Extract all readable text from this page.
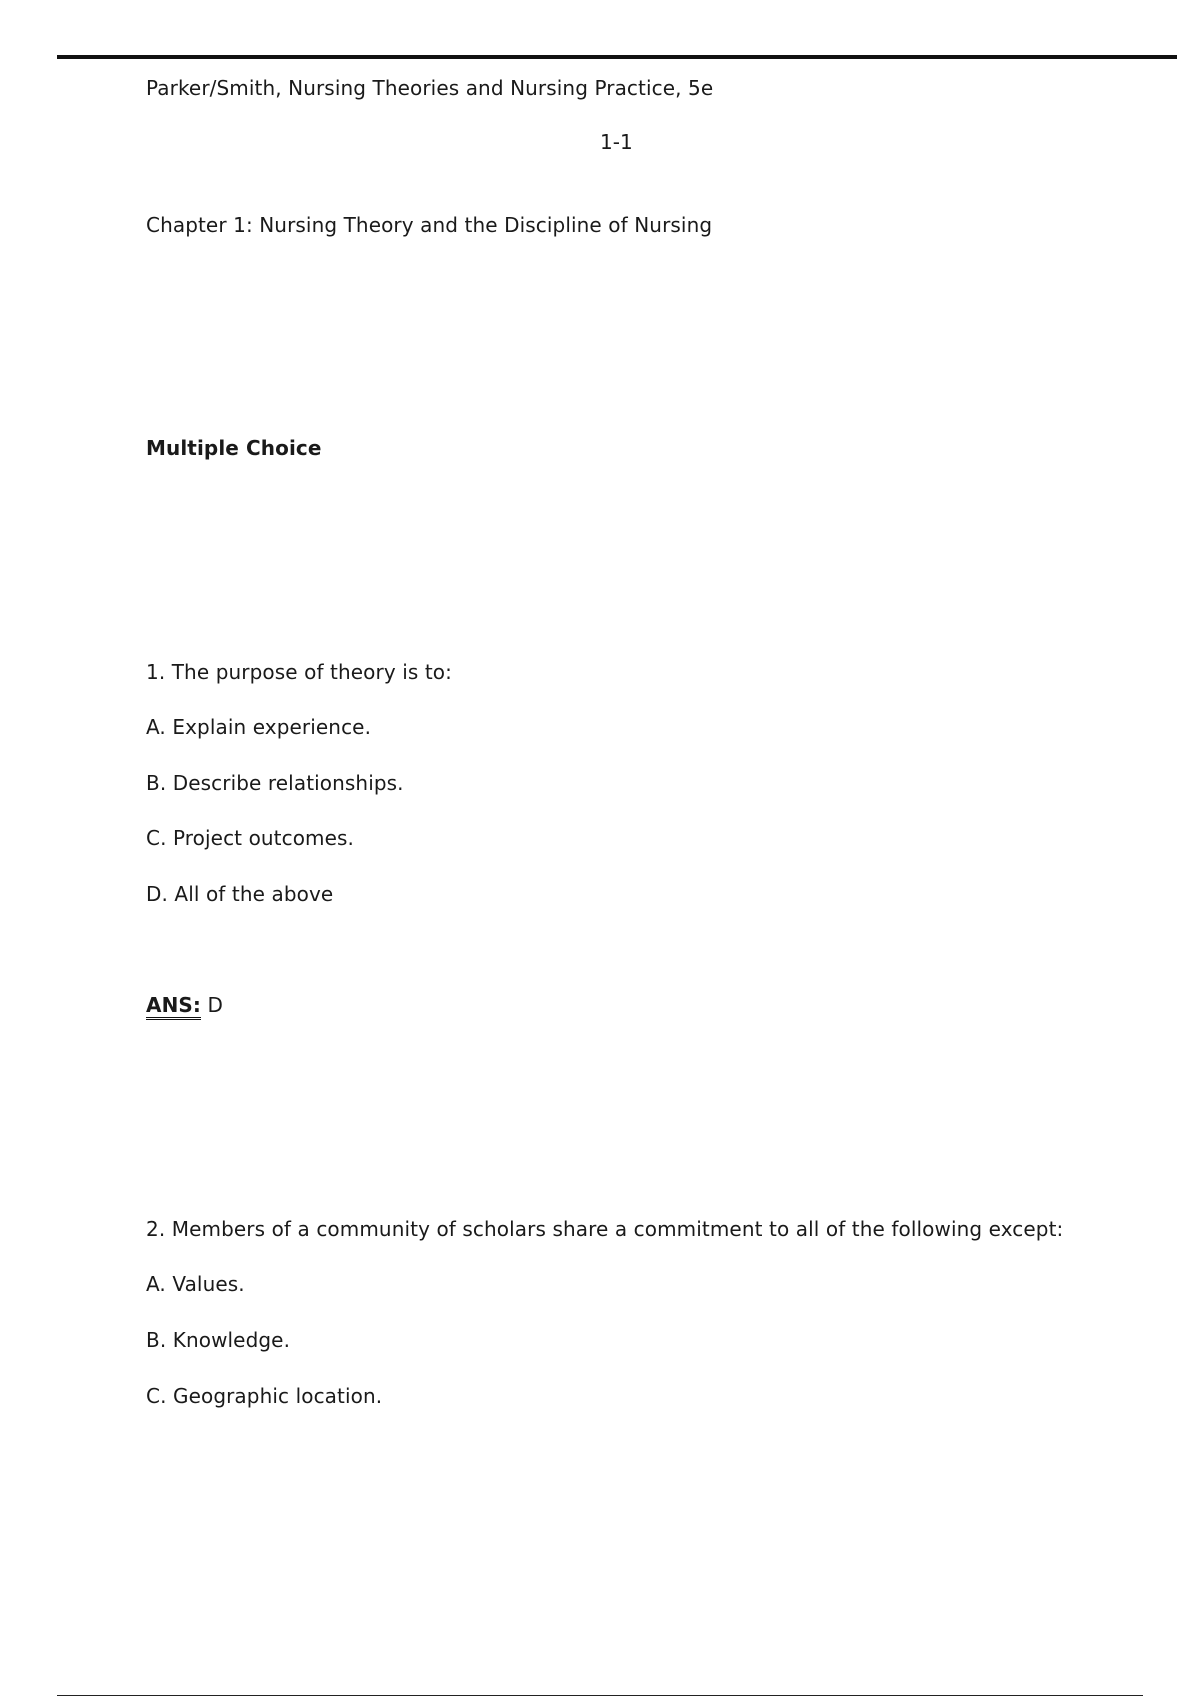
Parker/Smith, Nursing Theories and Nursing Practice, 5e
1-1
Chapter 1: Nursing Theory and the Discipline of Nursing
Multiple Choice
1. The purpose of theory is to:
A. Explain experience.
B. Describe relationships.
C. Project outcomes.
D. All of the above
ANS: D
2. Members of a community of scholars share a commitment to all of the following except:
A. Values.
B. Knowledge.
C. Geographic location.
